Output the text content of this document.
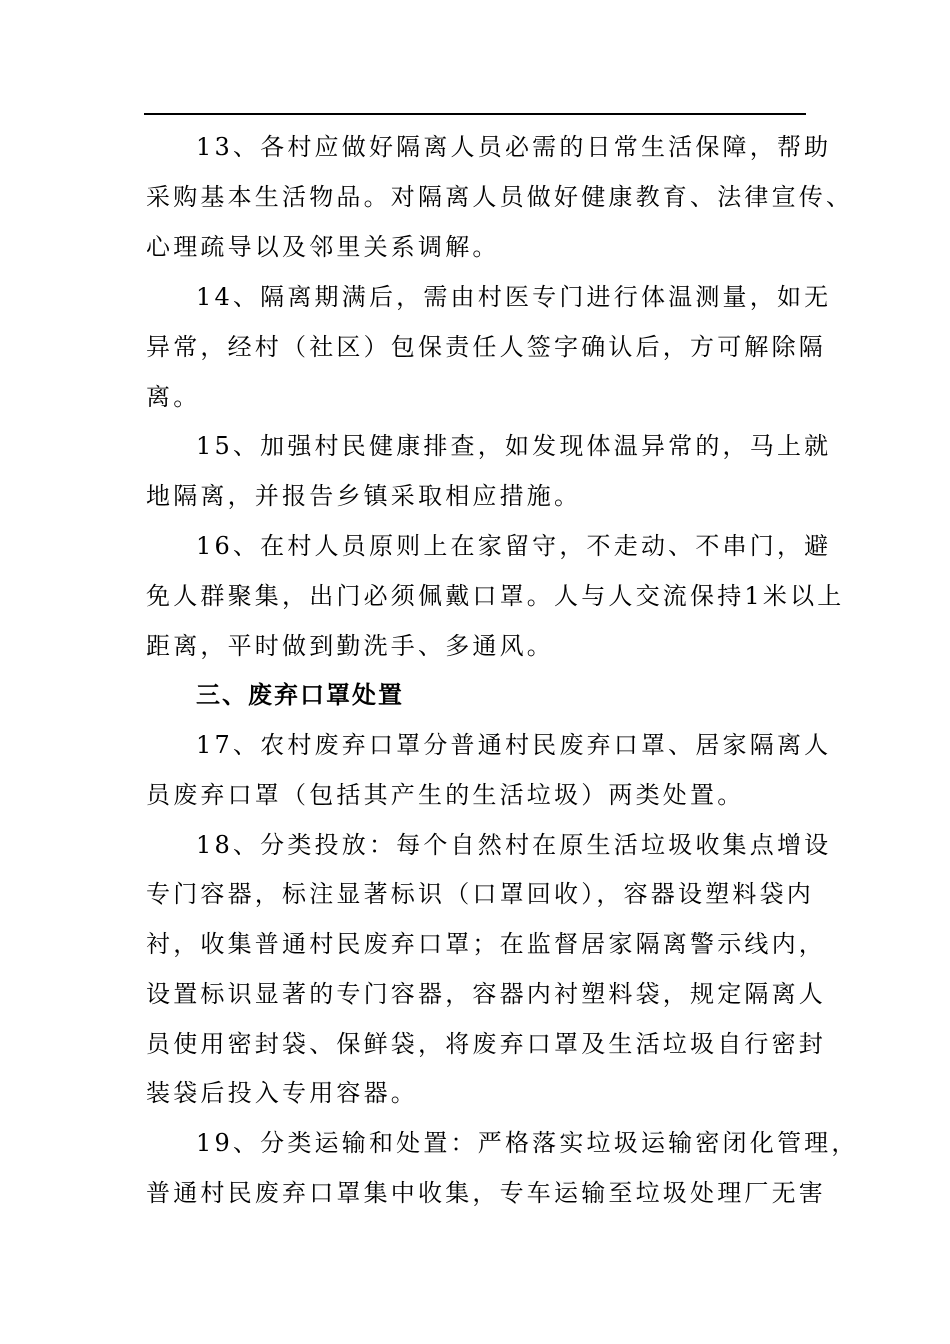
13、各村应做好隔离人员必需的日常生活保障，帮助
采购基本生活物品。对隔离人员做好健康教育、法律宣传、
心理疏导以及邻里关系调解。
14、隔离期满后，需由村医专门进行体温测量，如无
异常，经村（社区）包保责任人签字确认后，方可解除隔
离。
15、加强村民健康排查，如发现体温异常的，马上就
地隔离，并报告乡镇采取相应措施。
16、在村人员原则上在家留守，不走动、不串门，避
免人群聚集，出门必须佩戴口罩。人与人交流保持1米以上
距离，平时做到勤洗手、多通风。
三、废弃口罩处置
17、农村废弃口罩分普通村民废弃口罩、居家隔离人
员废弃口罩（包括其产生的生活垃圾）两类处置。
18、分类投放：每个自然村在原生活垃圾收集点增设
专门容器，标注显著标识（口罩回收），容器设塑料袋内
衬，收集普通村民废弃口罩；在监督居家隔离警示线内，
设置标识显著的专门容器，容器内衬塑料袋，规定隔离人
员使用密封袋、保鲜袋，将废弃口罩及生活垃圾自行密封
装袋后投入专用容器。
19、分类运输和处置：严格落实垃圾运输密闭化管理，
普通村民废弃口罩集中收集，专车运输至垃圾处理厂无害
